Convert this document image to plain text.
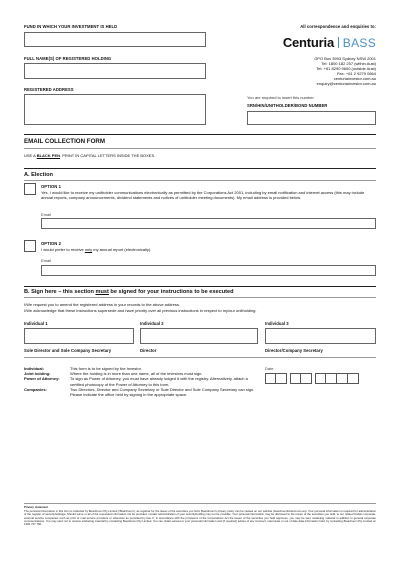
FUND IN WHICH YOUR INVESTMENT IS HELD
FULL NAME(S) OF REGISTERED HOLDING
REGISTERED ADDRESS
All correspondence and enquiries to:
Centuria BASS
GPO Box 3993 Sydney NSW 2001
Tel: 1800 182 257 (within Aust)
Tel: +61 8290 9600 (outside Aust)
Fax: +61 2 9279 0664
centuriainvestor.com.au
enquiry@centuriainvestor.com.au
You are required to insert this number
SRN/HIN/UNITHOLDER/BOND NUMBER
EMAIL COLLECTION FORM
USE A BLACK PEN. PRINT IN CAPITAL LETTERS INSIDE THE BOXES.
A. Election
OPTION 1
Yes, I would like to receive my unitholder communications electronically as permitted by the Corporations Act 2001, including by email notification and internet access (this may include annual reports, company announcements, dividend statements and notices of unitholder meeting documents). My email address is provided below.
Email
OPTION 2
I would prefer to receive only my annual report (electronically).
Email
B. Sign here – this section must be signed for your instructions to be executed
I/We request you to amend the registered address in your records to the above address.
I/We acknowledge that these instructions supersede and have priority over all previous instructions in respect to my/our unitholding.
Individual 1	Individual 2	Individual 3
Sole Director and Sole Company Secretary	Director	Director/Company Secretary
Individual:	This form is to be signed by the Investor.
Joint holding:	Where the holding is in more than one name, all of the investors must sign.
Power of Attorney:	To sign as Power of Attorney, you must have already lodged it with the registry. Alternatively, attach a certified photocopy of the Power of Attorney to this form.
Companies:	Two Directors, Director and Company Secretary or Sole Director and Sole Company Secretary can sign. Please indicate the office held by signing in the appropriate space.
Date
Privacy statement
The personal information in this form is collected by Boardroom Pty Limited ('Boardroom'), as registrar for the issuer of the securities you hold. Boardroom's privacy policy can be viewed on our website (boardroomlimited.com.au). Your personal information is required for administration of the register of securityholdings. Should some or all of the requested information not be provided, contact administration of your securityholding may not be possible. Your personal information may be disclosed to the issuer of the securities you hold, to our related bodies corporate, external service companies such as print or mail service providers or otherwise as permitted by law. If, in accordance with the provisions of the Corporations Act the issuer of the securities you hold approves, you may be sent marketing material in addition to general corporate communications. You may elect not to receive marketing material by contacting Boardroom Pty Limited. You can obtain access to your personal information and (if required) advise of any incorrect, inaccurate or out of date data information held, by contacting Boardroom Pty Limited on 1300 737 760.
